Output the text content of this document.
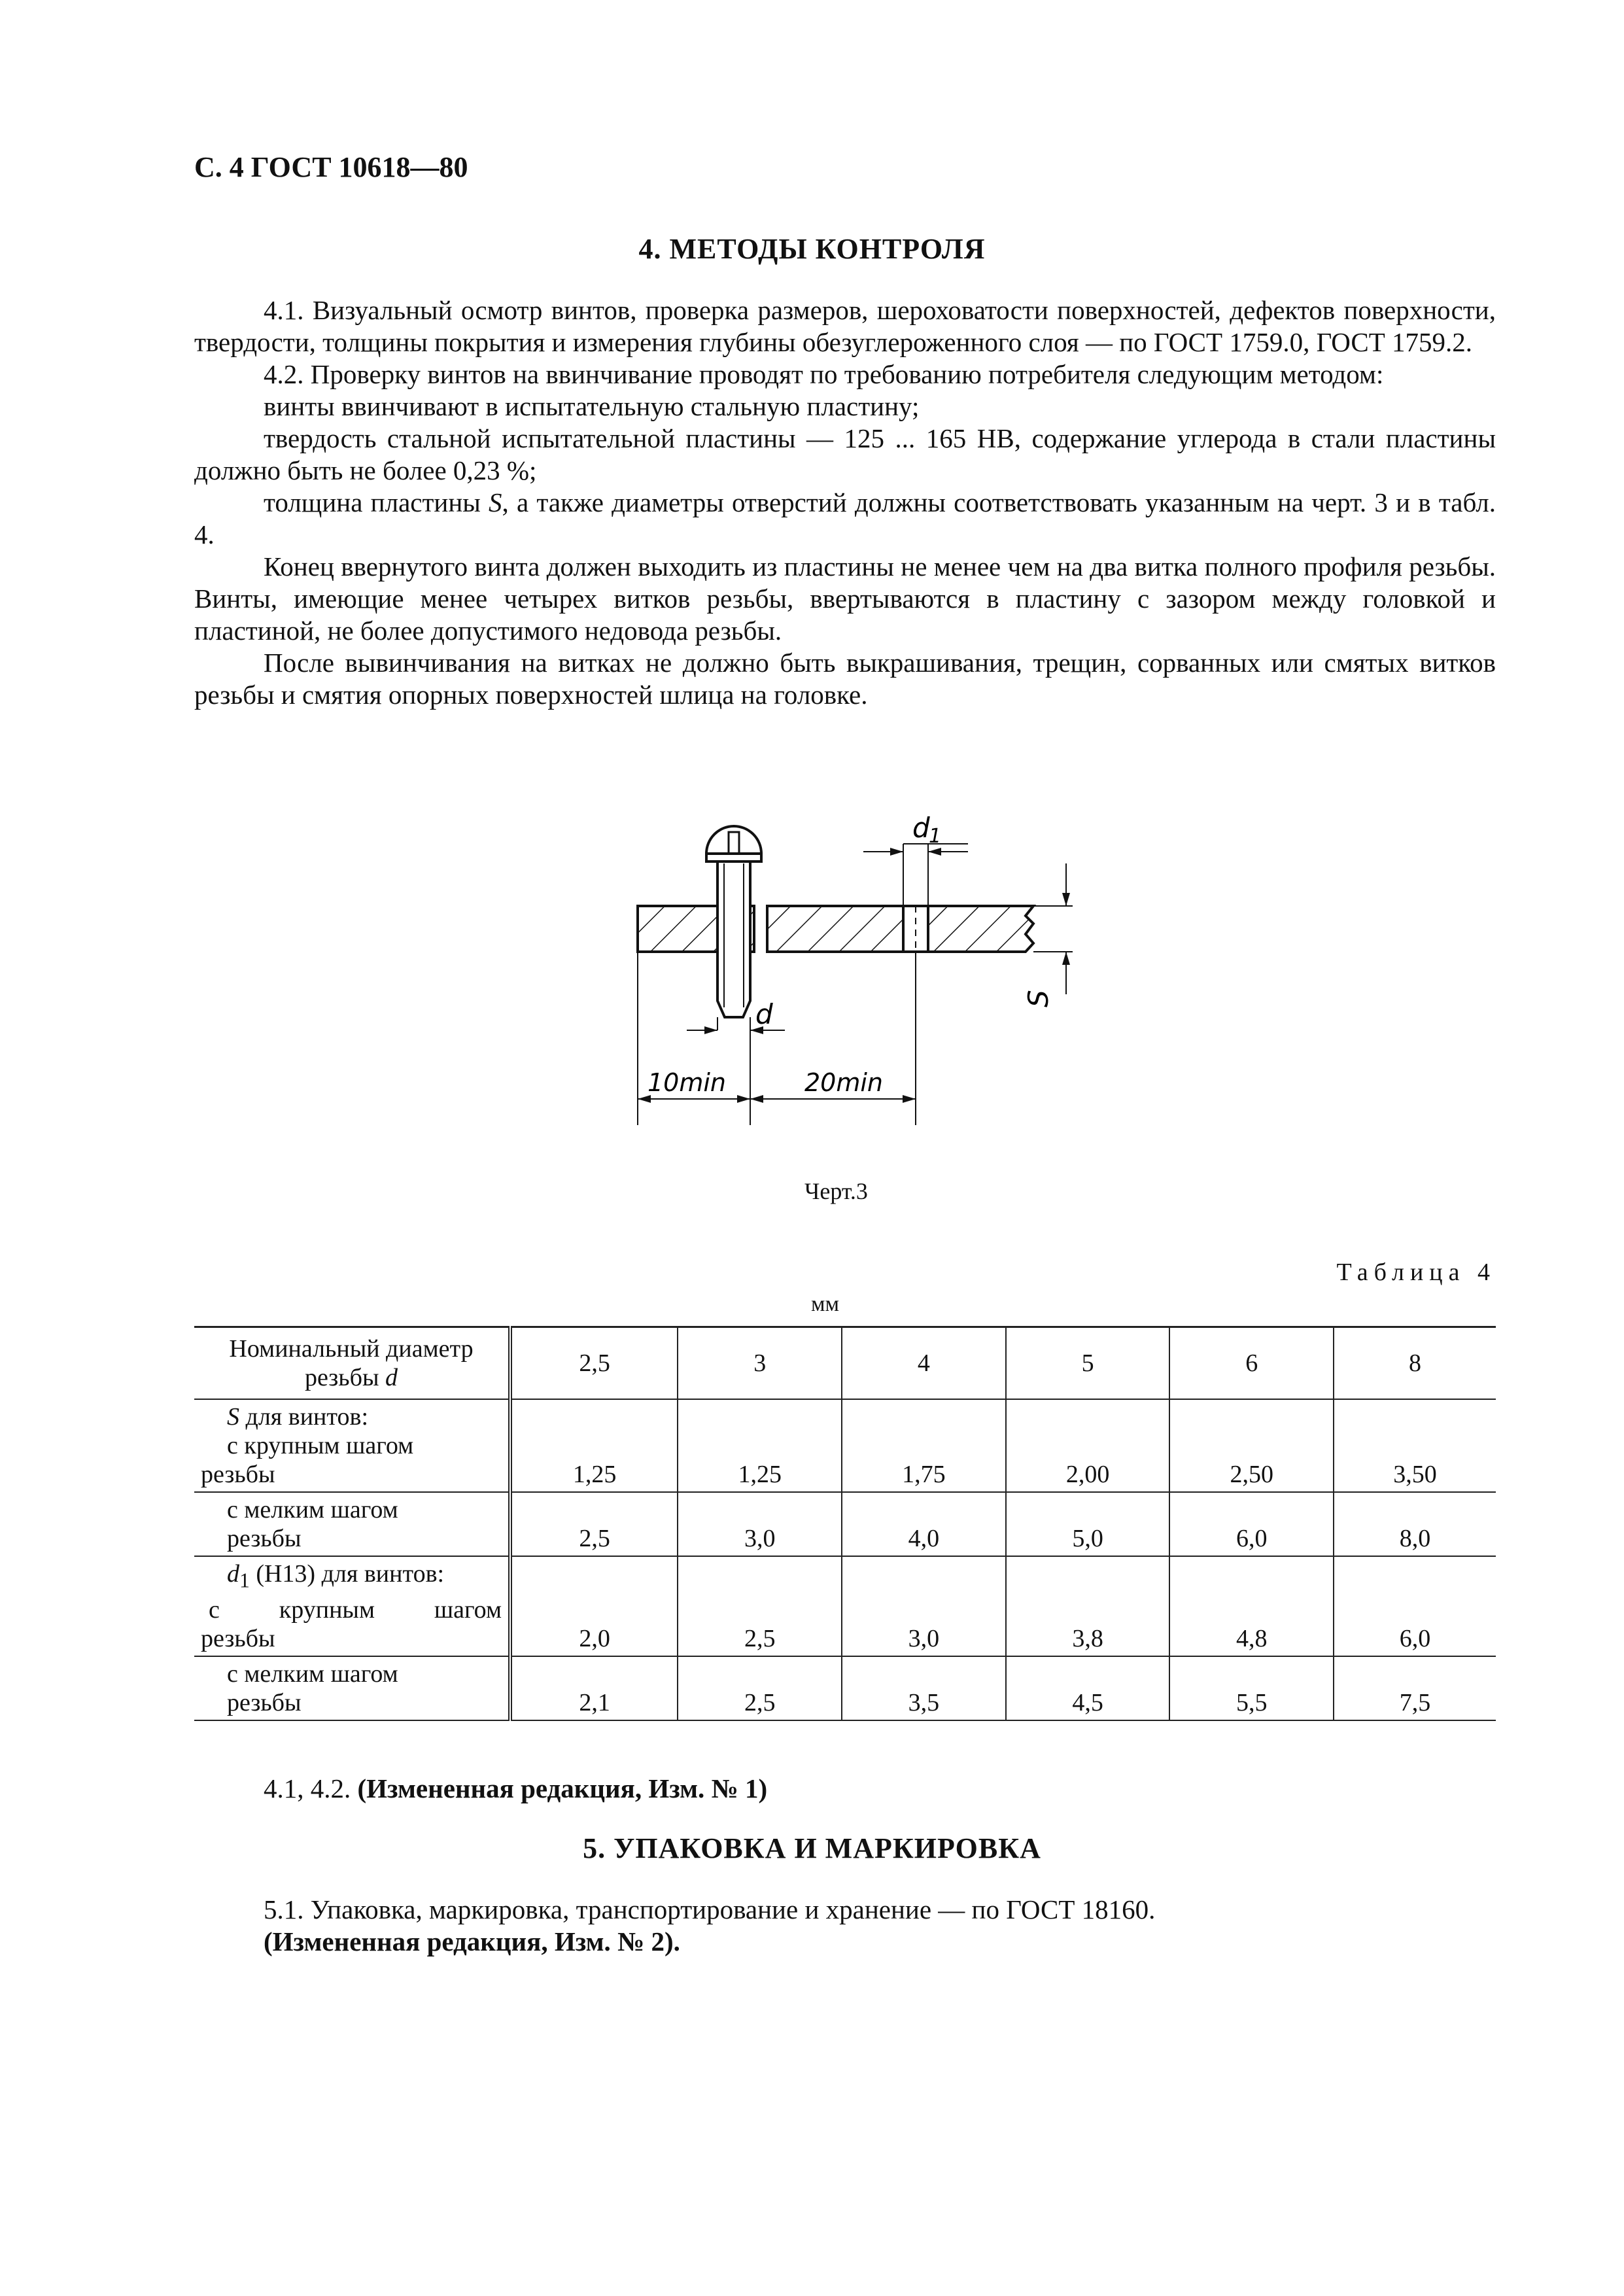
С. 4 ГОСТ 10618—80
4. МЕТОДЫ КОНТРОЛЯ

4.1. Визуальный осмотр винтов, проверка размеров, шероховатости поверхностей, дефектов поверхности, твердости, толщины покрытия и измерения глубины обезуглероженного слоя — по ГОСТ 1759.0, ГОСТ 1759.2.

4.2. Проверку винтов на ввинчивание проводят по требованию потребителя следующим методом:

винты ввинчивают в испытательную стальную пластину;

твердость стальной испытательной пластины — 125 ... 165 HB, содержание углерода в стали пластины должно быть не более 0,23 %;

толщина пластины S, а также диаметры отверстий должны соответствовать указанным на черт. 3 и в табл. 4.

Конец ввернутого винта должен выходить из пластины не менее чем на два витка полного профиля резьбы. Винты, имеющие менее четырех витков резьбы, ввертываются в пластину с зазором между головкой и пластиной, не более допустимого недовода резьбы.

После вывинчивания на витках не должно быть выкрашивания, трещин, сорванных или смятых витков резьбы и смятия опорных поверхностей шлица на головке.

d
1
S
d
10min	20min
Черт.3
Таблица 4
мм
Номинальный диаметр
резьбы d	2,5	3	4	5	6	8

S для винтов:
с крупным шагом
резьбы	1,25	1,25	1,75	2,00	2,50	3,50

с мелким шагом
резьбы	2,5	3,0	4,0	5,0	6,0	8,0

$d_1$ (Н13) для винтов:
с крупным шагом
резьбы	2,0	2,5	3,0	3,8	4,8	6,0

с мелким шагом
резьбы	2,1	2,5	3,5	4,5	5,5	7,5

4.1, 4.2. (Измененная редакция, Изм. № 1)

5. УПАКОВКА И МАРКИРОВКА

5.1. Упаковка, маркировка, транспортирование и хранение — по ГОСТ 18160.

(Измененная редакция, Изм. № 2).
